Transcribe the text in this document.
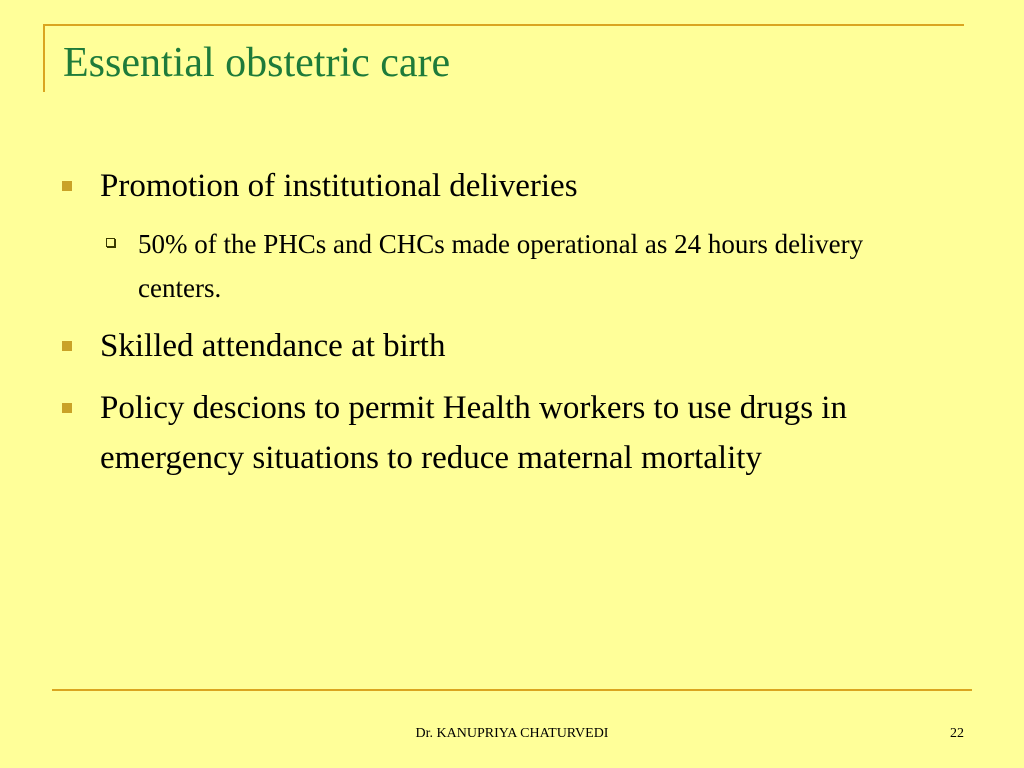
Essential obstetric care
Promotion of institutional deliveries
50% of the PHCs and CHCs made operational as 24 hours delivery centers.
Skilled attendance at birth
Policy descions to permit Health workers to use drugs in emergency situations to reduce maternal mortality
Dr. KANUPRIYA CHATURVEDI	22
